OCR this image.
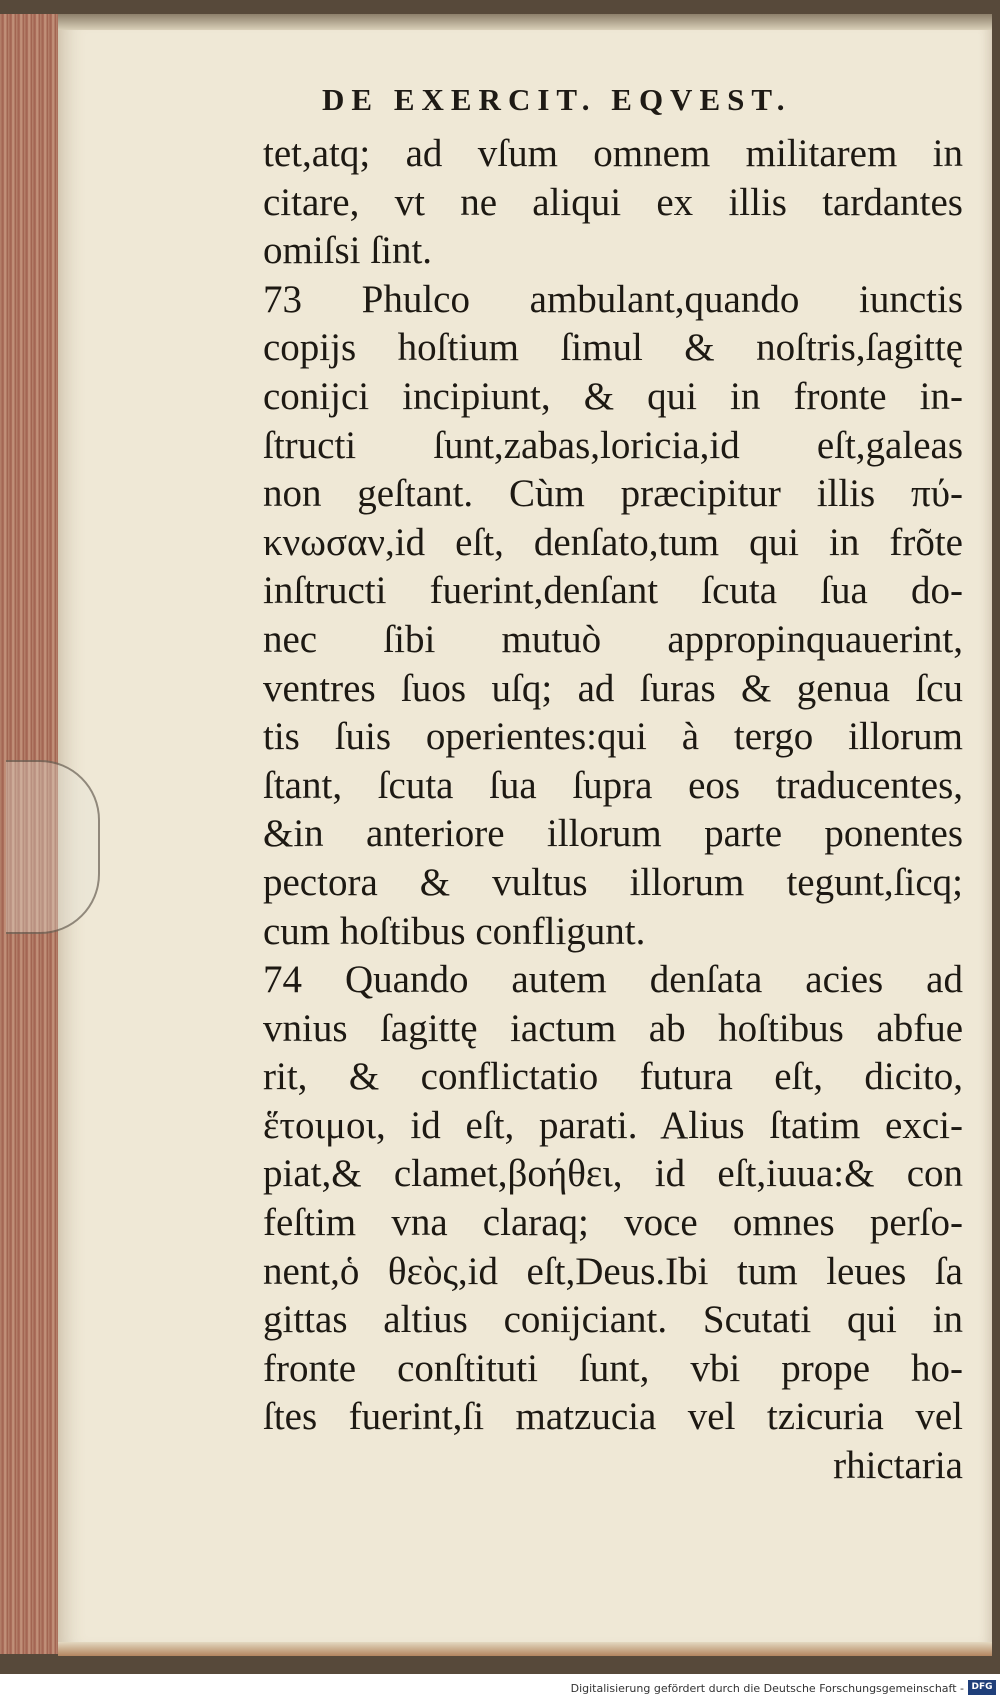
DE EXERCIT. EQVEST.
tet,atq; ad vſum omnem militarem in
citare, vt ne aliqui ex illis tardantes
omiſsi ſint.
73 Phulco ambulant,quando iunctis
copijs hoſtium ſimul & noſtris,ſagittę
conijci incipiunt, & qui in fronte in-
ſtructi ſunt,zabas,loricia,id eſt,galeas
non geſtant. Cùm præcipitur illis πύ-
κνωσαν,id eſt, denſato,tum qui in frõte
inſtructi fuerint,denſant ſcuta ſua do-
nec ſibi mutuò appropinquauerint,
ventres ſuos uſq; ad ſuras & genua ſcu
tis ſuis operientes:qui à tergo illorum
ſtant, ſcuta ſua ſupra eos traducentes,
&in anteriore illorum parte ponentes
pectora & vultus illorum tegunt,ſicq;
cum hoſtibus confligunt.
74 Quando autem denſata acies ad
vnius ſagittę iactum ab hoſtibus abfue
rit, & conflictatio futura eſt, dicito,
ἕτοιμοι, id eſt, parati. Alius ſtatim exci-
piat,& clamet,βοήθει, id eſt,iuua:& con
feſtim vna claraq; voce omnes perſo-
nent,ὁ θεὸς,id eſt,Deus.Ibi tum leues ſa
gittas altius conijciant. Scutati qui in
fronte conſtituti ſunt, vbi prope ho-
ſtes fuerint,ſi matzucia vel tzicuria vel
rhictaria
Digitalisierung gefördert durch die Deutsche Forschungsgemeinschaft - DFG
